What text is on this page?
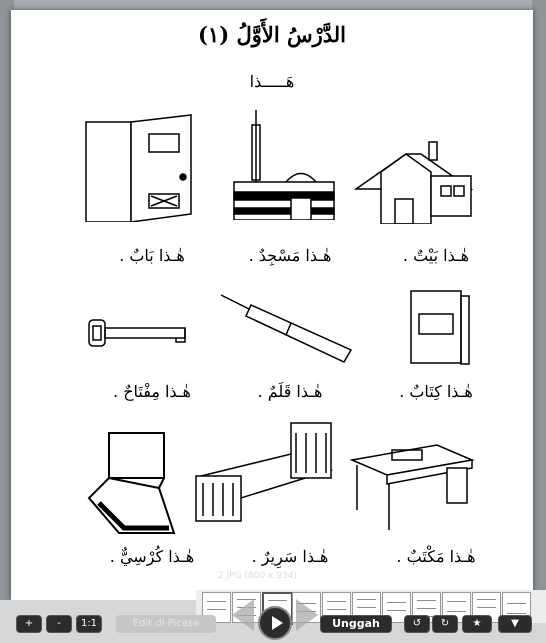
(١) الدَّرْسُ الأَوَّلُ
هَـــــذا
هٰـذا بَابٌ .	هٰـذا مَسْجِدٌ .	هٰـذا بَيْتٌ .
هٰـذا مِفْتَاحٌ .	هٰـذا قَلَمٌ .	هٰـذا كِتَابٌ .
هٰـذا كُرْسِيٌّ .	هٰـذا سَرِيرٌ .	هٰـذا مَكْتَبٌ .
2.JPG (800 x 934)
+	-	1:1	Edit di Picasa	Unggah	↺	↻	★	▼
